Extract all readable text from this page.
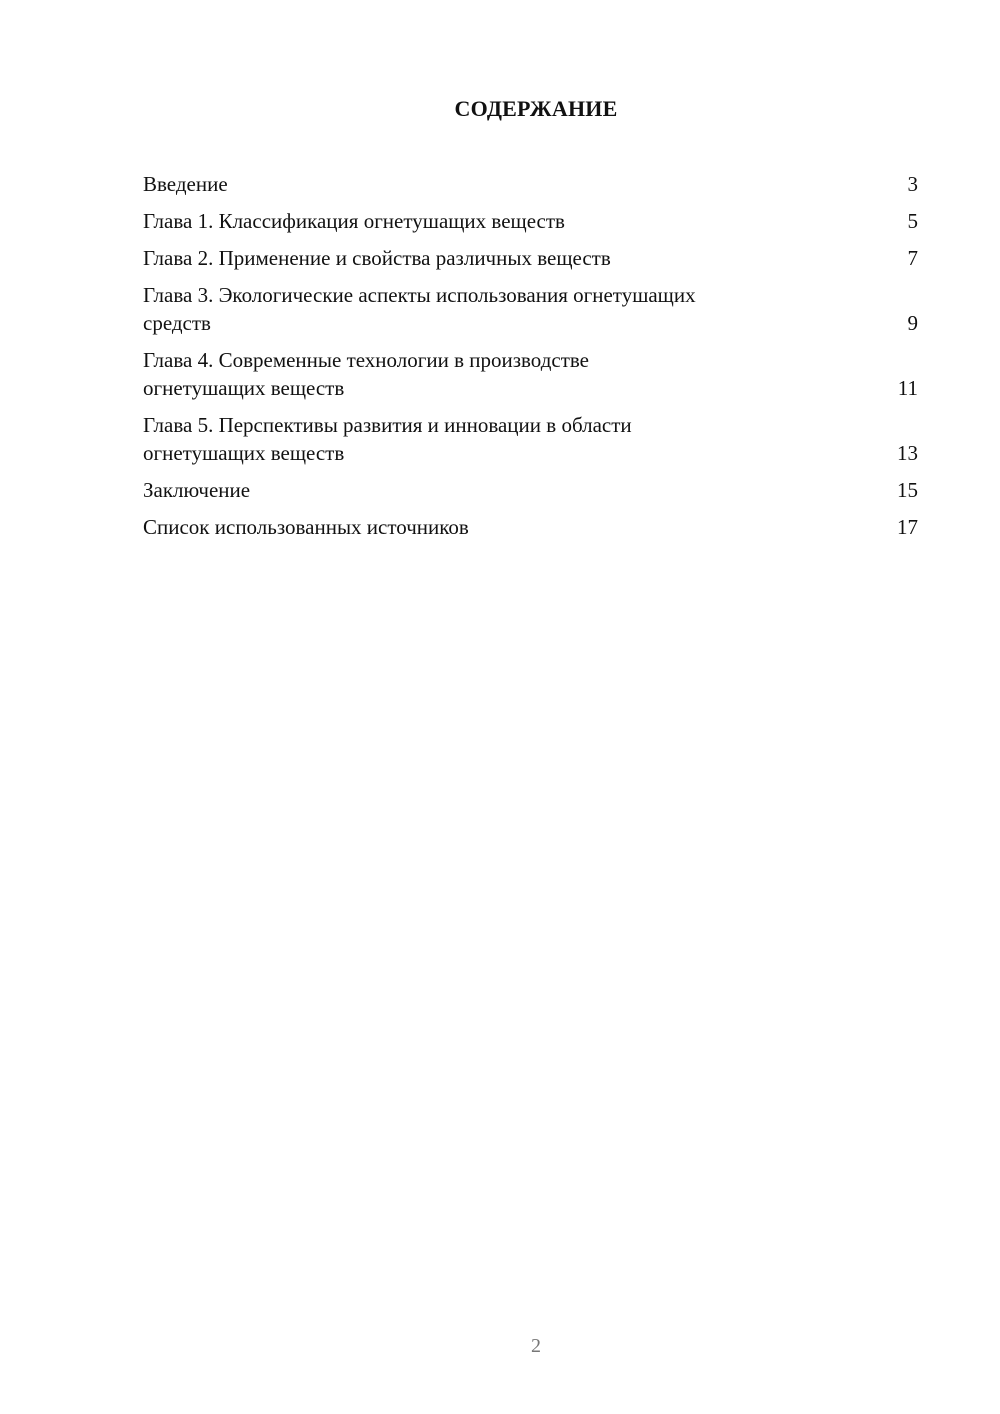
СОДЕРЖАНИЕ
Введение	3
Глава 1. Классификация огнетушащих веществ	5
Глава 2. Применение и свойства различных веществ	7
Глава 3. Экологические аспекты использования огнетушащих
средств	9
Глава 4. Современные технологии в производстве
огнетушащих веществ	11
Глава 5. Перспективы развития и инновации в области
огнетушащих веществ	13
Заключение	15
Список использованных источников	17
2
